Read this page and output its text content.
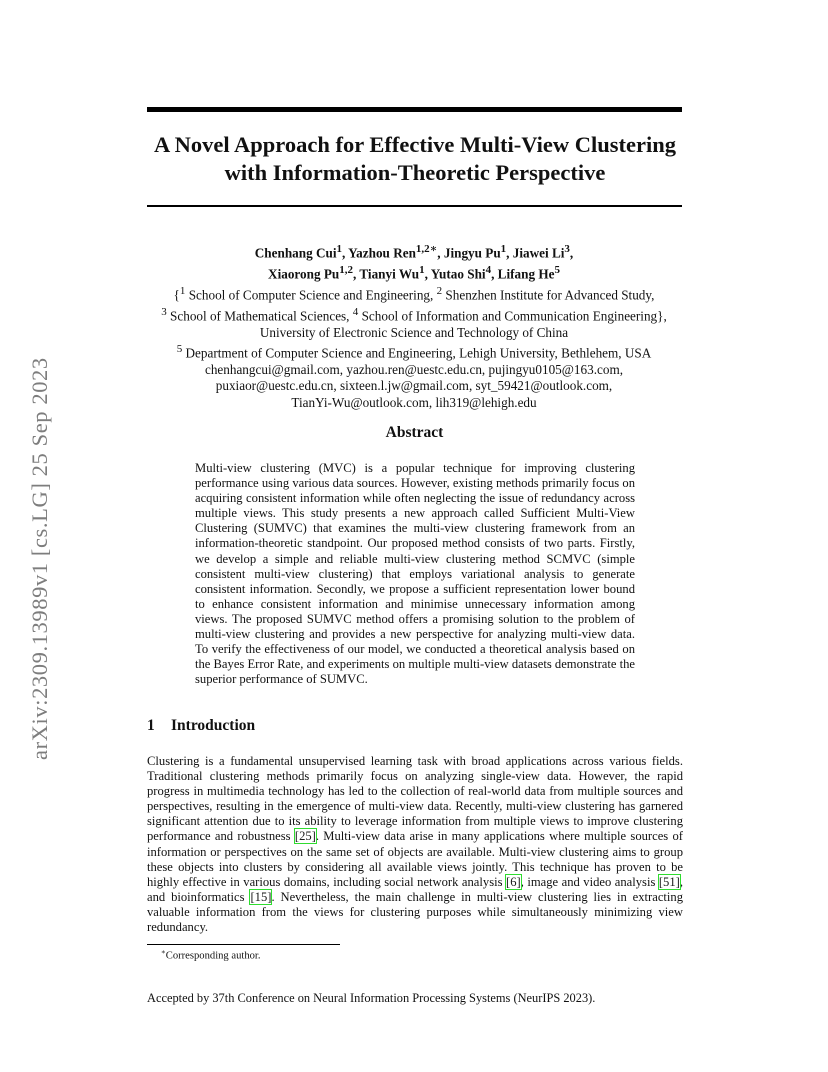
arXiv:2309.13989v1 [cs.LG] 25 Sep 2023
A Novel Approach for Effective Multi-View Clustering
with Information-Theoretic Perspective
Chenhang Cui$^1$, Yazhou Ren$^{1,2∗}$, Jingyu Pu$^1$, Jiawei Li$^3$,
Xiaorong Pu$^{1,2}$, Tianyi Wu$^1$, Yutao Shi$^4$, Lifang He$^5$
{$^1$ School of Computer Science and Engineering, $^2$ Shenzhen Institute for Advanced Study,
$^3$ School of Mathematical Sciences, $^4$ School of Information and Communication Engineering},
University of Electronic Science and Technology of China
$^5$ Department of Computer Science and Engineering, Lehigh University, Bethlehem, USA
chenhangcui@gmail.com, yazhou.ren@uestc.edu.cn, pujingyu0105@163.com,
puxiaor@uestc.edu.cn, sixteen.l.jw@gmail.com, syt_59421@outlook.com,
TianYi-Wu@outlook.com, lih319@lehigh.edu
Abstract

Multi-view clustering (MVC) is a popular technique for improving clustering performance using various data sources. However, existing methods primarily focus on acquiring consistent information while often neglecting the issue of redundancy across multiple views. This study presents a new approach called Sufficient Multi-View Clustering (SUMVC) that examines the multi-view clustering framework from an information-theoretic standpoint. Our proposed method consists of two parts. Firstly, we develop a simple and reliable multi-view clustering method SCMVC (simple consistent multi-view clustering) that employs variational analysis to generate consistent information. Secondly, we propose a sufficient representation lower bound to enhance consistent information and minimise unnecessary information among views. The proposed SUMVC method offers a promising solution to the problem of multi-view clustering and provides a new perspective for analyzing multi-view data. To verify the effectiveness of our model, we conducted a theoretical analysis based on the Bayes Error Rate, and experiments on multiple multi-view datasets demonstrate the superior performance of SUMVC.

1 Introduction

Clustering is a fundamental unsupervised learning task with broad applications across various fields. Traditional clustering methods primarily focus on analyzing single-view data. However, the rapid progress in multimedia technology has led to the collection of real-world data from multiple sources and perspectives, resulting in the emergence of multi-view data. Recently, multi-view clustering has garnered significant attention due to its ability to leverage information from multiple views to improve clustering performance and robustness [25]. Multi-view data arise in many applications where multiple sources of information or perspectives on the same set of objects are available. Multi-view clustering aims to group these objects into clusters by considering all available views jointly. This technique has proven to be highly effective in various domains, including social network analysis [6], image and video analysis [51], and bioinformatics [15]. Nevertheless, the main challenge in multi-view clustering lies in extracting valuable information from the views for clustering purposes while simultaneously minimizing view redundancy.

∗Corresponding author.

Accepted by 37th Conference on Neural Information Processing Systems (NeurIPS 2023).
